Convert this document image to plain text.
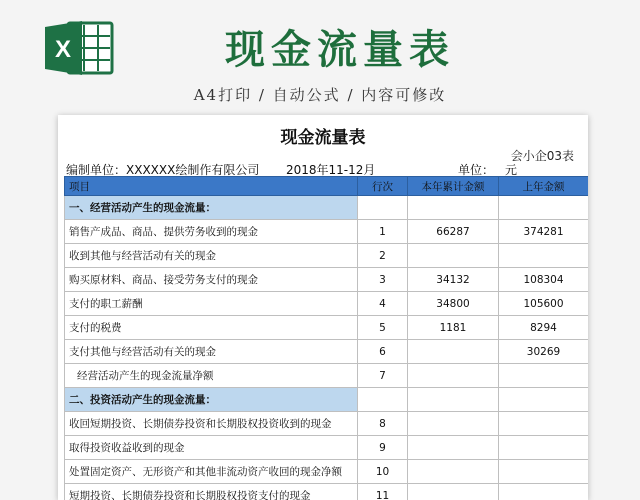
X	现金流量表
A4打印 / 自动公式 / 内容可修改
现金流量表
会小企03表
编制单位：XXXXXX绘制作有限公司 2018年11-12月	单位： 元
项目	行次	本年累计金额	上年金额
一、经营活动产生的现金流量：			
销售产成品、商品、提供劳务收到的现金	1	66287	374281
收到其他与经营活动有关的现金	2		
购买原材料、商品、接受劳务支付的现金	3	34132	108304
支付的职工薪酬	4	34800	105600
支付的税费	5	1181	8294
支付其他与经营活动有关的现金	6		30269
经营活动产生的现金流量净额	7		
二、投资活动产生的现金流量：			
收回短期投资、长期债券投资和长期股权投资收到的现金	8		
取得投资收益收到的现金	9		
处置固定资产、无形资产和其他非流动资产收回的现金净额	10		
短期投资、长期债券投资和长期股权投资支付的现金	11		
